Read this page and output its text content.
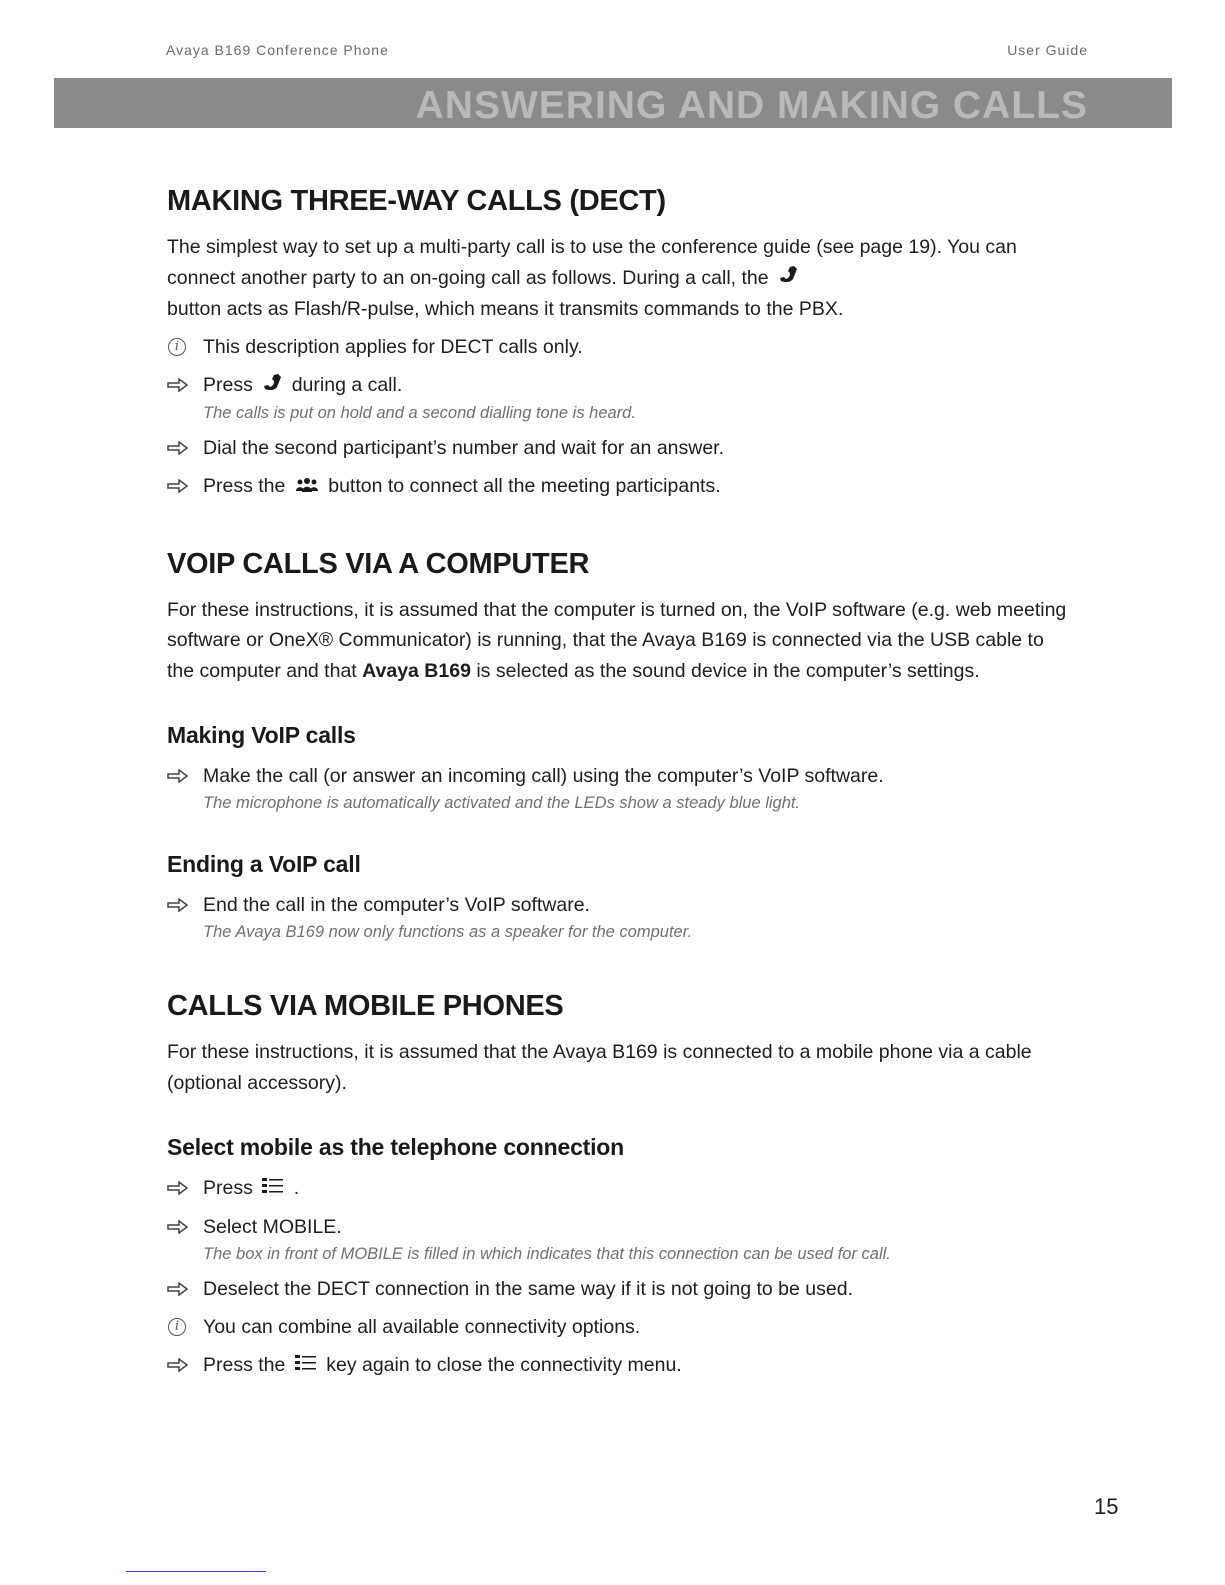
Avaya B169 Conference Phone	User Guide
ANSWERING AND MAKING CALLS
MAKING THREE-WAY CALLS (DECT)

The simplest way to set up a multi-party call is to use the conference guide (see page 19). You can connect another party to an on-going call as follows. During a call, the
button acts as Flash/R-pulse, which means it transmits commands to the PBX.

i	This description applies for DECT calls only.
Press during a call.
The calls is put on hold and a second dialling tone is heard.
Dial the second participant’s number and wait for an answer.
Press the button to connect all the meeting participants.
VOIP CALLS VIA A COMPUTER

For these instructions, it is assumed that the computer is turned on, the VoIP software (e.g. web meeting software or OneX® Communicator) is running, that the Avaya B169 is connected via the USB cable to the computer and that Avaya B169 is selected as the sound device in the computer’s settings.

Making VoIP calls
Make the call (or answer an incoming call) using the computer’s VoIP software.
The microphone is automatically activated and the LEDs show a steady blue light.
Ending a VoIP call
End the call in the computer’s VoIP software.
The Avaya B169 now only functions as a speaker for the computer.
CALLS VIA MOBILE PHONES

For these instructions, it is assumed that the Avaya B169 is connected to a mobile phone via a cable (optional accessory).

Select mobile as the telephone connection
Press .
Select MOBILE.
The box in front of MOBILE is filled in which indicates that this connection can be used for call.
Deselect the DECT connection in the same way if it is not going to be used.
i	You can combine all available connectivity options.
Press the key again to close the connectivity menu.
15
